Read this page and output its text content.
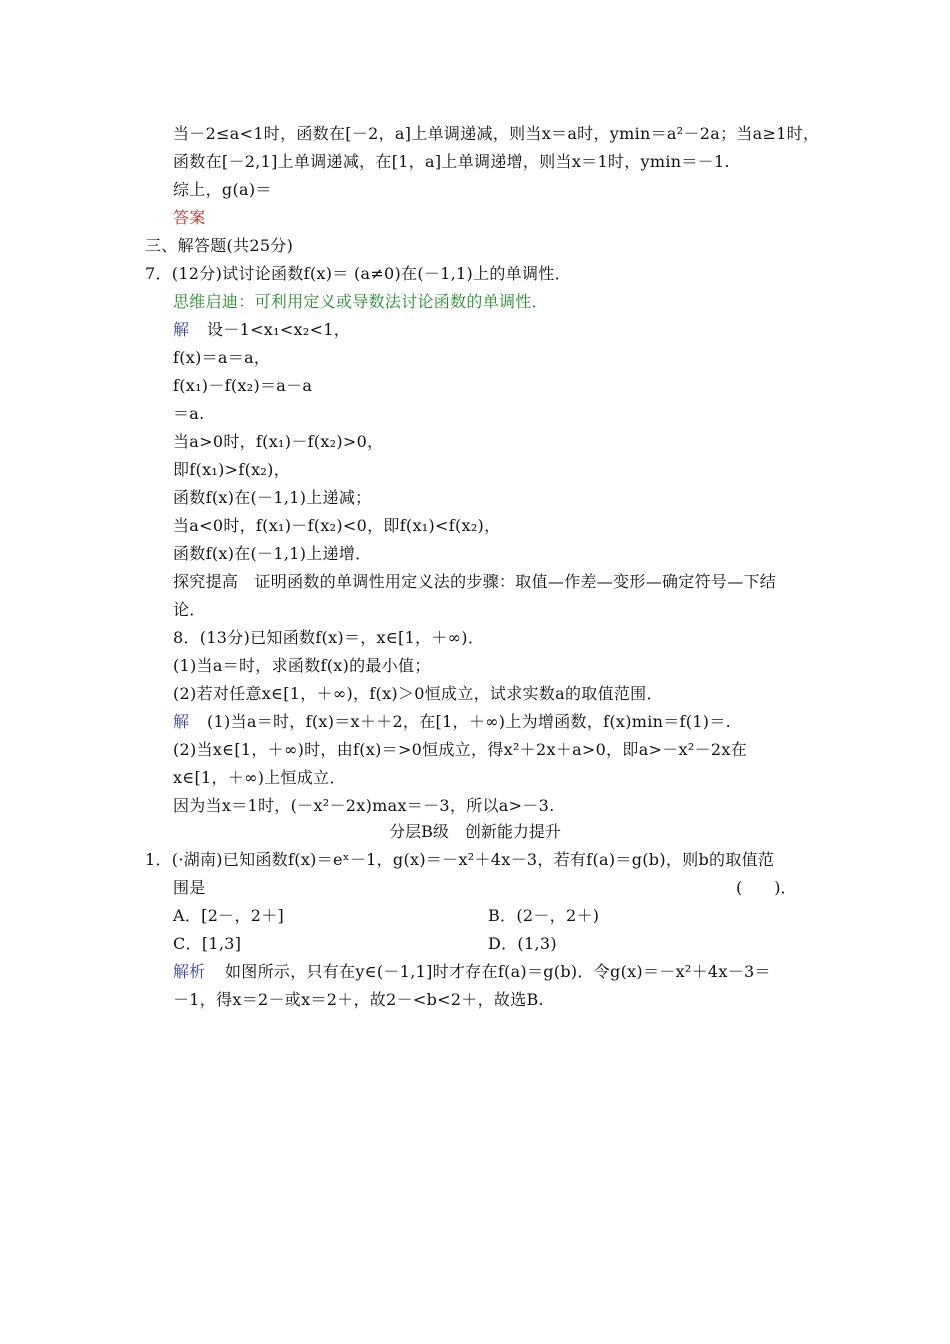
当－2≤a<1时，函数在[－2，a]上单调递减，则当x＝a时，ymin＝a²－2a；当a≥1时，
函数在[－2,1]上单调递减，在[1，a]上单调递增，则当x＝1时，ymin＝－1.
综上，g(a)＝
答案
三、解答题(共25分)
7．(12分)试讨论函数f(x)＝ (a≠0)在(－1,1)上的单调性．
思维启迪：可利用定义或导数法讨论函数的单调性．
解 设－1<x₁<x₂<1，
f(x)＝a＝a，
f(x₁)－f(x₂)＝a－a
＝a.
当a>0时，f(x₁)－f(x₂)>0，
即f(x₁)>f(x₂)，
函数f(x)在(－1,1)上递减；
当a<0时，f(x₁)－f(x₂)<0，即f(x₁)<f(x₂)，
函数f(x)在(－1,1)上递增．
探究提高　证明函数的单调性用定义法的步骤：取值—作差—变形—确定符号—下结
论．
8．(13分)已知函数f(x)＝，x∈[1，＋∞)．
(1)当a＝时，求函数f(x)的最小值；
(2)若对任意x∈[1，＋∞)，f(x)＞0恒成立，试求实数a的取值范围．
解 (1)当a＝时，f(x)＝x＋＋2，在[1，＋∞)上为增函数，f(x)min＝f(1)＝.
(2)当x∈[1，＋∞)时，由f(x)＝>0恒成立，得x²＋2x＋a>0，即a>－x²－2x在
x∈[1，＋∞)上恒成立．
因为当x＝1时，(－x²－2x)max＝－3，所以a>－3.
分层B级　创新能力提升
1．(·湖南)已知函数f(x)＝eˣ－1，g(x)＝－x²＋4x－3，若有f(a)＝g(b)，则b的取值范
围是	(　　)．
A．[2－，2＋]	B．(2－，2＋)
C．[1,3]	D．(1,3)
解析 如图所示，只有在y∈(－1,1]时才存在f(a)＝g(b)．令g(x)＝－x²＋4x－3＝
－1，得x＝2－或x＝2＋，故2－<b<2＋，故选B.
